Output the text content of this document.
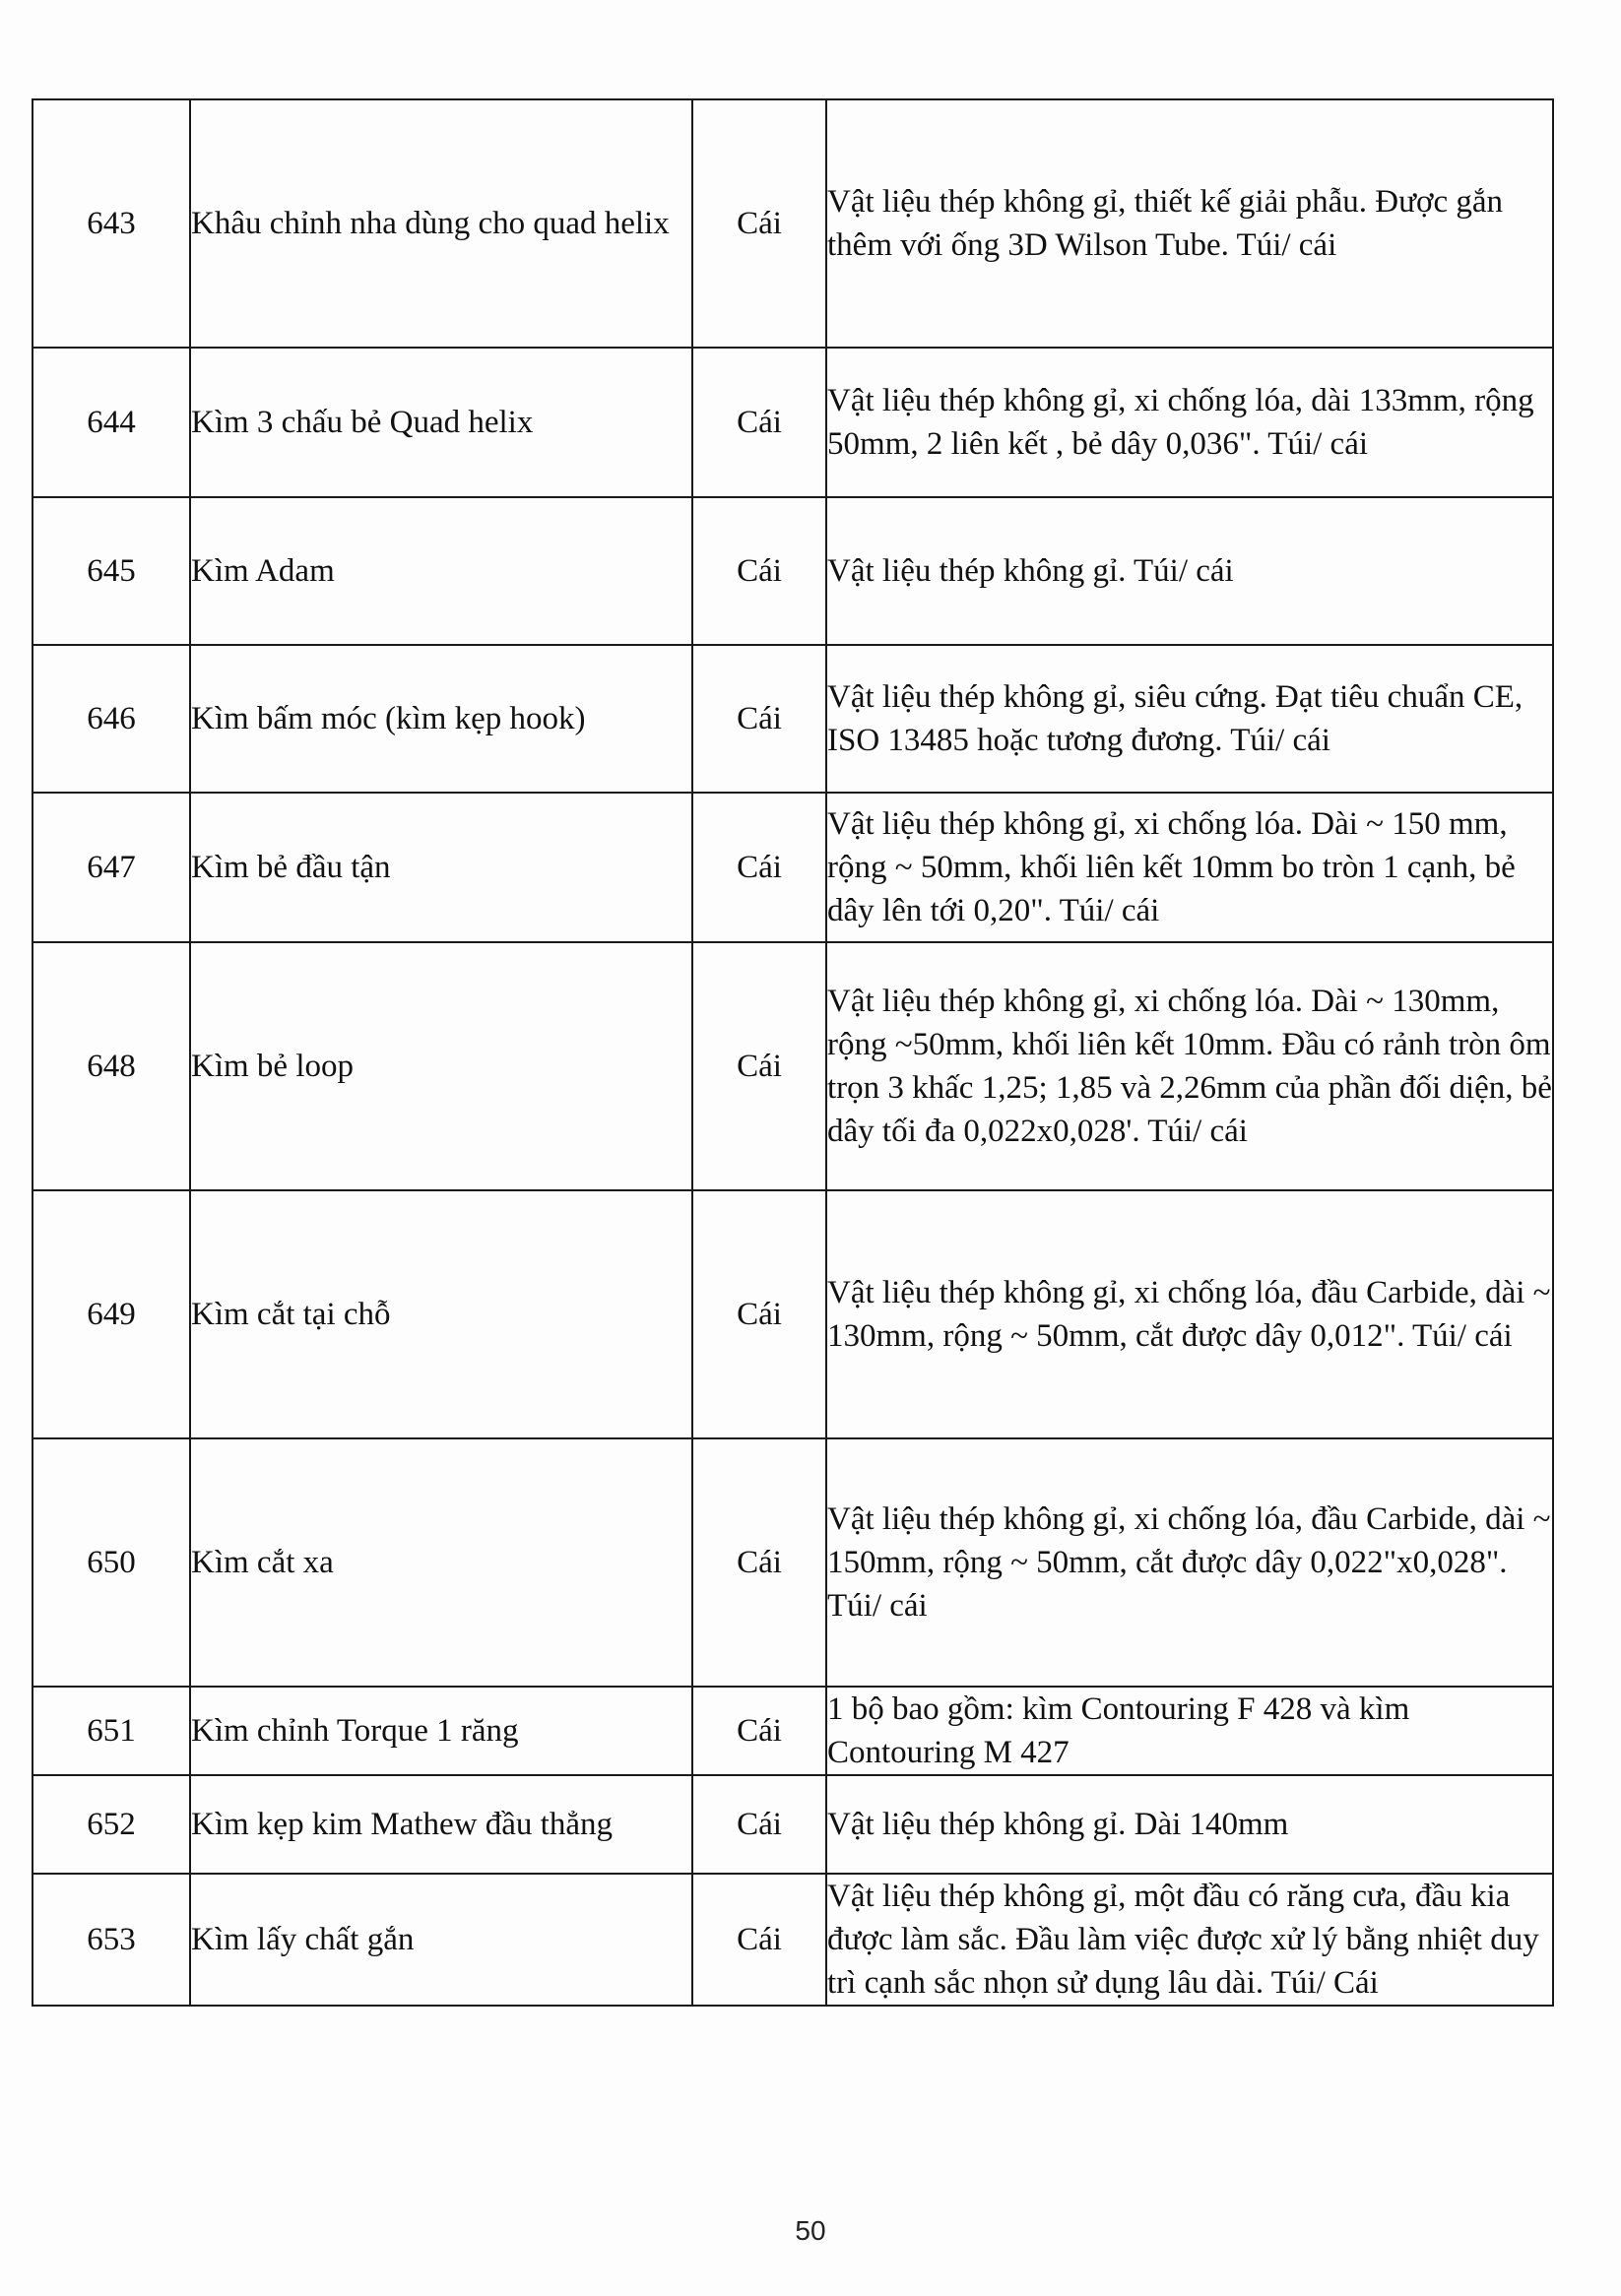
643	Khâu chỉnh nha dùng cho quad helix	Cái	Vật liệu thép không gỉ, thiết kế giải phẫu. Được gắn thêm với ống 3D Wilson Tube. Túi/ cái
644	Kìm 3 chấu bẻ Quad helix	Cái	Vật liệu thép không gỉ, xi chống lóa, dài 133mm, rộng 50mm, 2 liên kết , bẻ dây 0,036". Túi/ cái
645	Kìm Adam	Cái	Vật liệu thép không gỉ. Túi/ cái
646	Kìm bấm móc (kìm kẹp hook)	Cái	Vật liệu thép không gỉ, siêu cứng. Đạt tiêu chuẩn CE, ISO 13485 hoặc tương đương. Túi/ cái
647	Kìm bẻ đầu tận	Cái	Vật liệu thép không gỉ, xi chống lóa. Dài ~ 150 mm, rộng ~ 50mm, khối liên kết 10mm bo tròn 1 cạnh, bẻ dây lên tới 0,20". Túi/ cái
648	Kìm bẻ loop	Cái	Vật liệu thép không gỉ, xi chống lóa. Dài ~ 130mm, rộng ~50mm, khối liên kết 10mm. Đầu có rảnh tròn ôm trọn 3 khấc 1,25; 1,85 và 2,26mm của phần đối diện, bẻ dây tối đa 0,022x0,028'. Túi/ cái
649	Kìm cắt tại chỗ	Cái	Vật liệu thép không gỉ, xi chống lóa, đầu Carbide, dài ~ 130mm, rộng ~ 50mm, cắt được dây 0,012". Túi/ cái
650	Kìm cắt xa	Cái	Vật liệu thép không gỉ, xi chống lóa, đầu Carbide, dài ~ 150mm, rộng ~ 50mm, cắt được dây 0,022"x0,028". Túi/ cái
651	Kìm chỉnh Torque 1 răng	Cái	1 bộ bao gồm: kìm Contouring F 428 và kìm Contouring M 427
652	Kìm kẹp kim Mathew đầu thẳng	Cái	Vật liệu thép không gỉ. Dài 140mm
653	Kìm lấy chất gắn	Cái	Vật liệu thép không gỉ, một đầu có răng cưa, đầu kia được làm sắc. Đầu làm việc được xử lý bằng nhiệt duy trì cạnh sắc nhọn sử dụng lâu dài. Túi/ Cái
50
